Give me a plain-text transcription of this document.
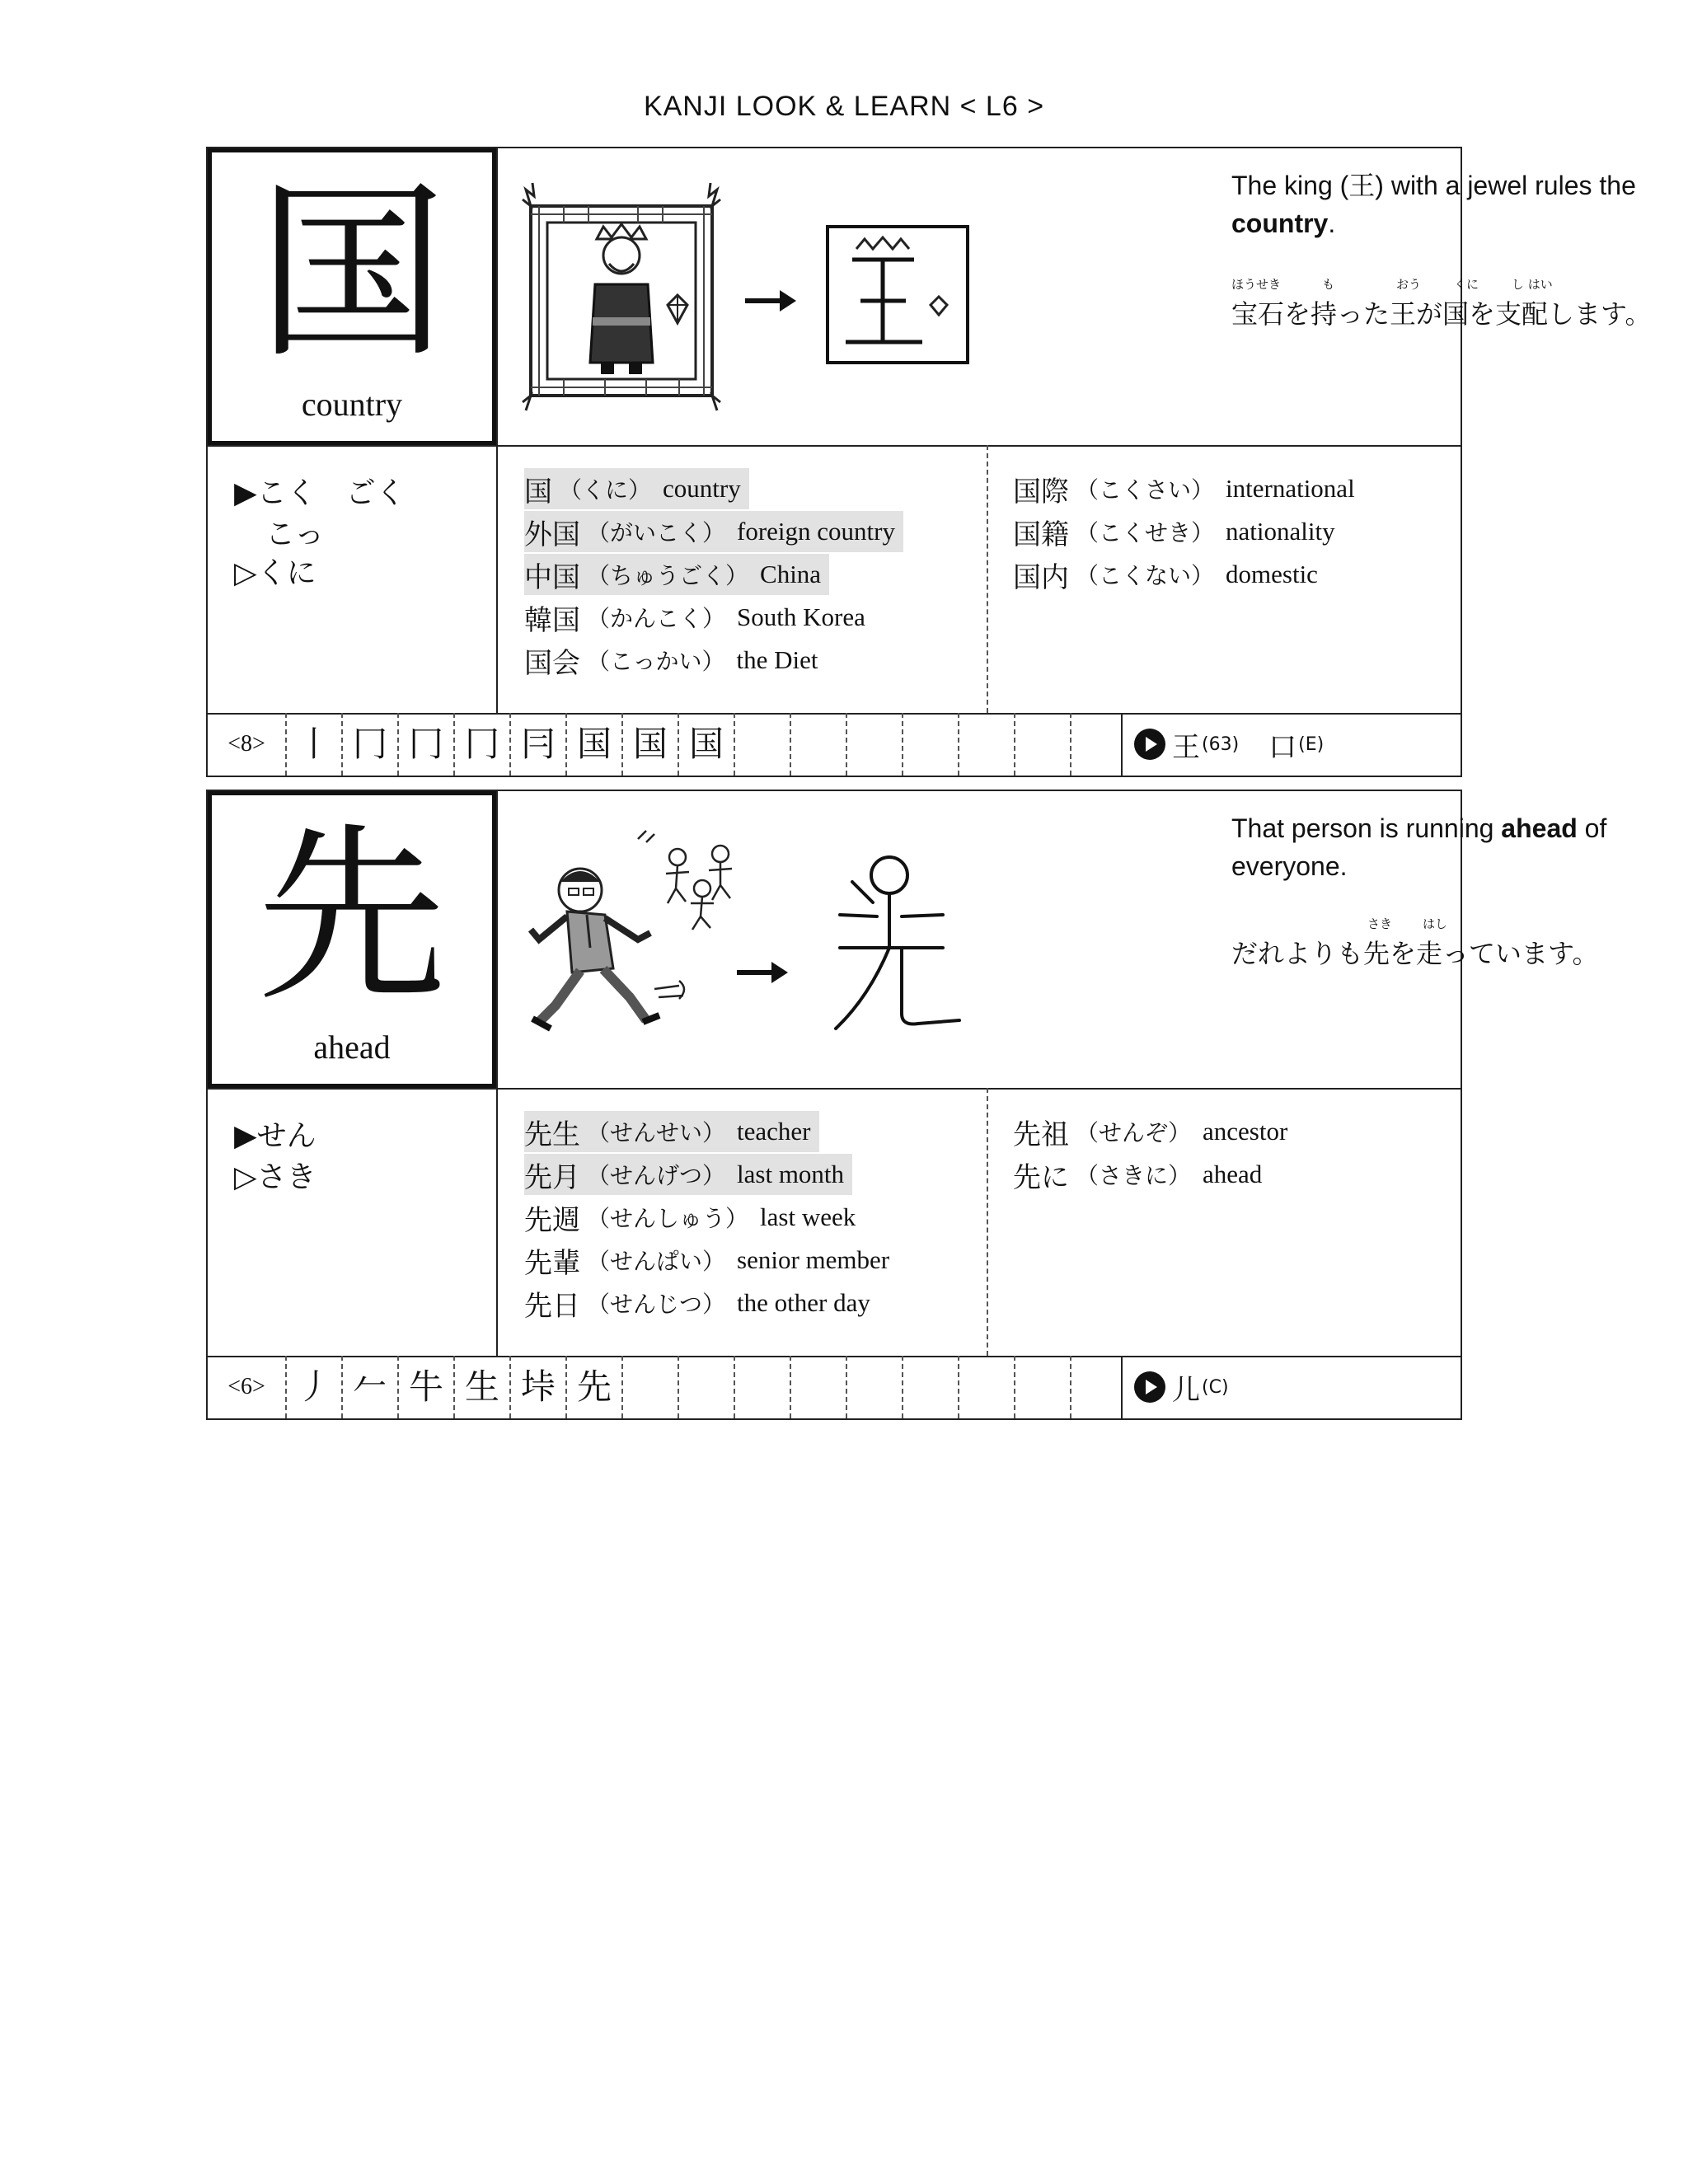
KANJI LOOK & LEARN < L6 >
国
country
The king (王) with a jewel rules the country.
ほうせき	も	おう	くに	し はい
宝石を持った王が国を支配します。
▶こく　ごく
こっ
▷くに
国 （くに） country
外国 （がいこく） foreign country
中国 （ちゅうごく） China
韓国 （かんこく） South Korea
国会 （こっかい） the Diet
国際 （こくさい） international
国籍 （こくせき） nationality
国内 （こくない） domestic
<8> 丨 冂 冂 冂 冃 国 国 国	王 (63) 口 (E)
先
ahead
That person is running ahead of everyone.
さき はし
だれよりも先を走っています。
▶せん
▷さき
先生 （せんせい） teacher
先月 （せんげつ） last month
先週 （せんしゅう） last week
先輩 （せんぱい） senior member
先日 （せんじつ） the other day
先祖 （せんぞ） ancestor
先に （さきに） ahead
<6> 丿 𠂉 牛 生 垰 先	儿 (C)
